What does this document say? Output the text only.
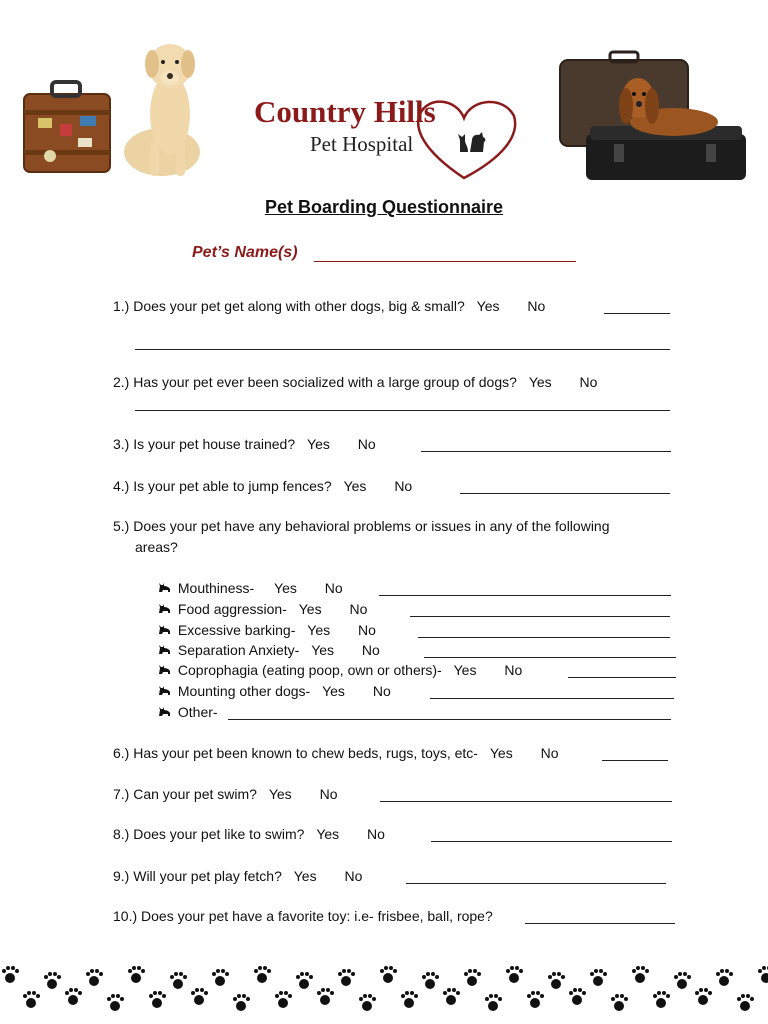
Country Hills
Pet Hospital
Pet Boarding Questionnaire
Pet’s Name(s)
1.) Does your pet get along with other dogs, big & small? Yes No
2.) Has your pet ever been socialized with a large group of dogs? Yes No
3.) Is your pet house trained? Yes No
4.) Is your pet able to jump fences? Yes No
5.) Does your pet have any behavioral problems or issues in any of the following
areas?
Mouthiness- Yes No
Food aggression- Yes No
Excessive barking- Yes No
Separation Anxiety- Yes No
Coprophagia (eating poop, own or others)- Yes No
Mounting other dogs- Yes No
Other-
6.) Has your pet been known to chew beds, rugs, toys, etc- Yes No
7.) Can your pet swim? Yes No
8.) Does your pet like to swim? Yes No
9.) Will your pet play fetch? Yes No
10.) Does your pet have a favorite toy: i.e- frisbee, ball, rope?
